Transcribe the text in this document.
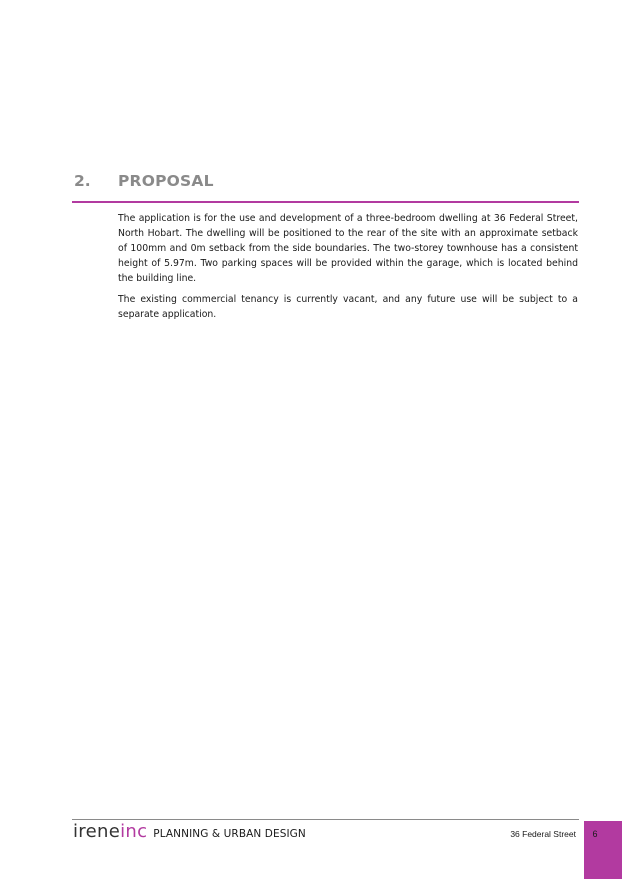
2. PROPOSAL

The application is for the use and development of a three-bedroom dwelling at 36 Federal Street, North Hobart. The dwelling will be positioned to the rear of the site with an approximate setback of 100mm and 0m setback from the side boundaries. The two-storey townhouse has a consistent height of 5.97m. Two parking spaces will be provided within the garage, which is located behind the building line.

The existing commercial tenancy is currently vacant, and any future use will be subject to a separate application.

ireneinc PLANNING & URBAN DESIGN	36 Federal Street	6
